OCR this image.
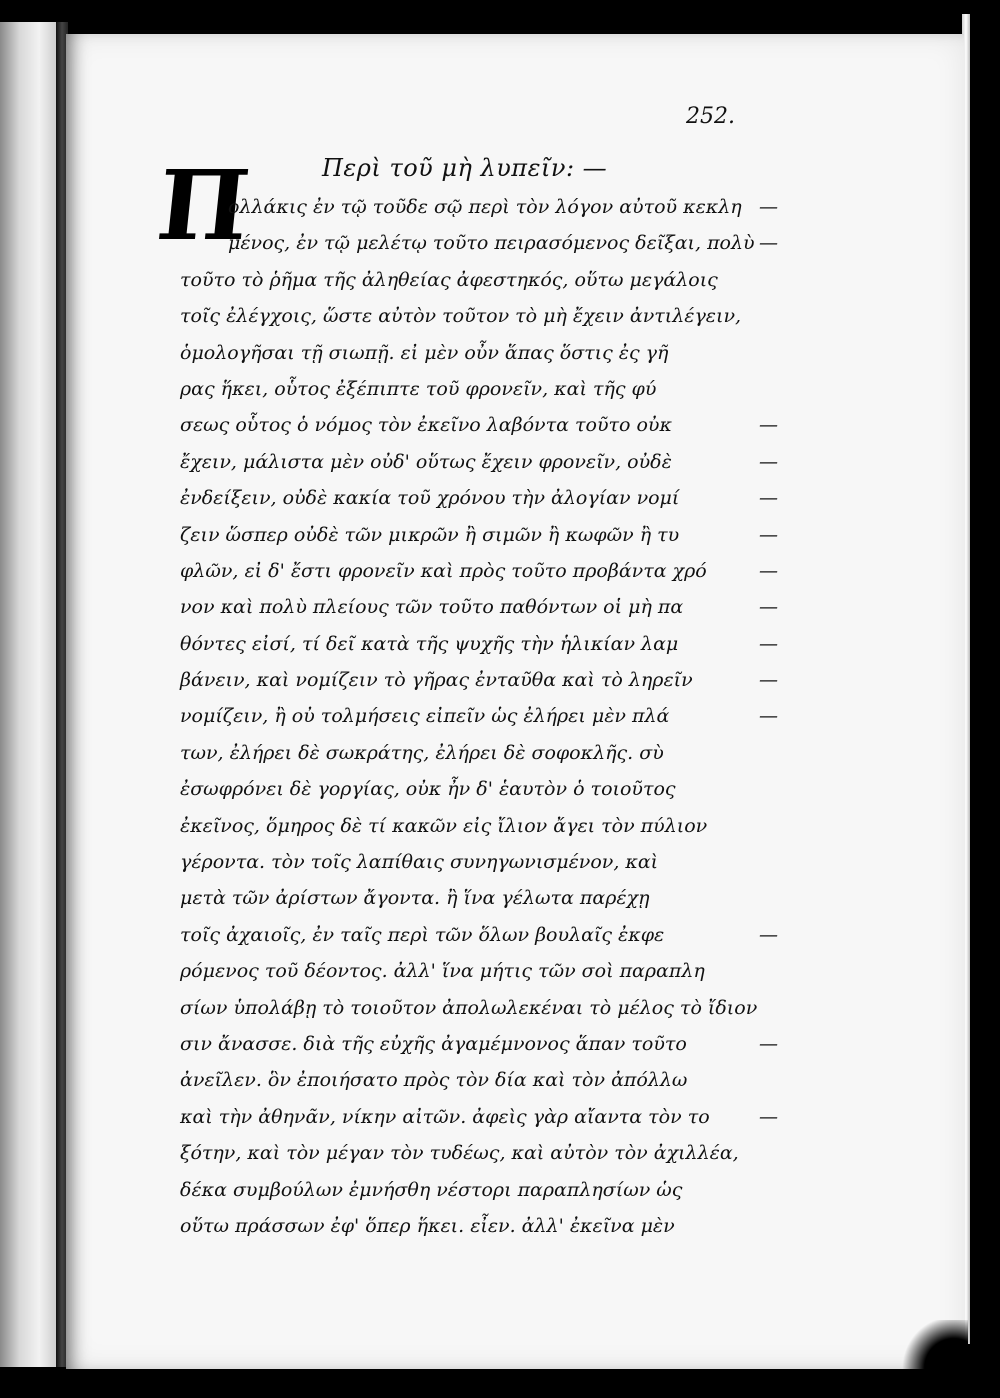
252.
Περὶ τοῦ μὴ λυπεῖν: —
Π
ολλάκις ἐν τῷ τοῦδε σῷ περὶ τὸν λόγον αὐτοῦ κεκλη —
μένος, ἐν τῷ μελέτῳ τοῦτο πειρασόμενος δεῖξαι, πολὺ —
τοῦτο τὸ ῥῆμα τῆς ἀληθείας ἀφεστηκός, οὕτω μεγάλοις
τοῖς ἐλέγχοις, ὥστε αὐτὸν τοῦτον τὸ μὴ ἔχειν ἀντιλέγειν,
ὁμολογῆσαι τῇ σιωπῇ. εἰ μὲν οὖν ἅπας ὅστις ἐς γῆ
ρας ἥκει, οὗτος ἐξέπιπτε τοῦ φρονεῖν, καὶ τῆς φύ
σεως οὗτος ὁ νόμος τὸν ἐκεῖνο λαβόντα τοῦτο οὐκ	—
ἔχειν, μάλιστα μὲν οὐδ' οὕτως ἔχειν φρονεῖν, οὐδὲ	—
ἐνδείξειν, οὐδὲ κακία τοῦ χρόνου τὴν ἀλογίαν νομί	—
ζειν ὥσπερ οὐδὲ τῶν μικρῶν ἢ σιμῶν ἢ κωφῶν ἢ τυ	—
φλῶν, εἰ δ' ἔστι φρονεῖν καὶ πρὸς τοῦτο προβάντα χρό	—
νον καὶ πολὺ πλείους τῶν τοῦτο παθόντων οἱ μὴ πα	—
θόντες εἰσί, τί δεῖ κατὰ τῆς ψυχῆς τὴν ἡλικίαν λαμ	—
βάνειν, καὶ νομίζειν τὸ γῆρας ἐνταῦθα καὶ τὸ ληρεῖν	—
νομίζειν, ἢ οὐ τολμήσεις εἰπεῖν ὡς ἐλήρει μὲν πλά	—
των, ἐλήρει δὲ σωκράτης, ἐλήρει δὲ σοφοκλῆς. σὺ
ἐσωφρόνει δὲ γοργίας, οὐκ ἦν δ' ἑαυτὸν ὁ τοιοῦτος
ἐκεῖνος, ὅμηρος δὲ τί κακῶν εἰς ἴλιον ἄγει τὸν πύλιον
γέροντα. τὸν τοῖς λαπίθαις συνηγωνισμένον, καὶ
μετὰ τῶν ἀρίστων ἄγοντα. ἢ ἵνα γέλωτα παρέχῃ
τοῖς ἀχαιοῖς, ἐν ταῖς περὶ τῶν ὅλων βουλαῖς ἐκφε	—
ρόμενος τοῦ δέοντος. ἀλλ' ἵνα μήτις τῶν σοὶ παραπλη
σίων ὑπολάβῃ τὸ τοιοῦτον ἀπολωλεκέναι τὸ μέλος τὸ ἴδιον
σιν ἄνασσε. διὰ τῆς εὐχῆς ἀγαμέμνονος ἅπαν τοῦτο	—
ἀνεῖλεν. ὃν ἐποιήσατο πρὸς τὸν δία καὶ τὸν ἀπόλλω
καὶ τὴν ἀθηνᾶν, νίκην αἰτῶν. ἀφεὶς γὰρ αἴαντα τὸν το	—
ξότην, καὶ τὸν μέγαν τὸν τυδέως, καὶ αὐτὸν τὸν ἀχιλλέα,
δέκα συμβούλων ἐμνήσθη νέστορι παραπλησίων ὡς
οὕτω πράσσων ἐφ' ὅπερ ἥκει. εἶεν. ἀλλ' ἐκεῖνα μὲν
